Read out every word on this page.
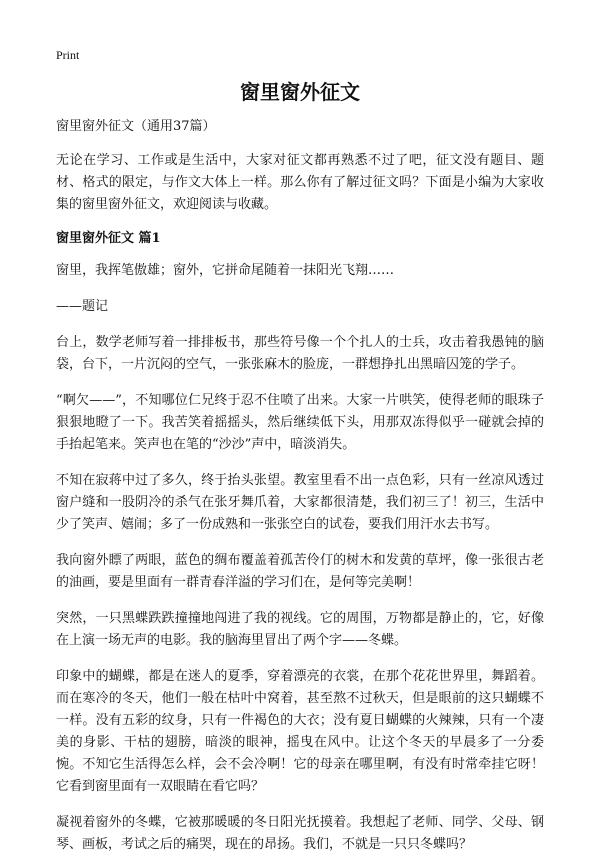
Print
窗里窗外征文
窗里窗外征文（通用37篇）

无论在学习、工作或是生活中，大家对征文都再熟悉不过了吧，征文没有题目、题材、格式的限定，与作文大体上一样。那么你有了解过征文吗？下面是小编为大家收集的窗里窗外征文，欢迎阅读与收藏。

窗里窗外征文 篇1

窗里，我挥笔傲雄；窗外，它拼命尾随着一抹阳光飞翔……

——题记

台上，数学老师写着一排排板书，那些符号像一个个扎人的士兵，攻击着我愚钝的脑袋，台下，一片沉闷的空气，一张张麻木的脸庞，一群想挣扎出黑暗囚笼的学子。

“啊欠——”，不知哪位仁兄终于忍不住喷了出来。大家一片哄笑，使得老师的眼珠子狠狠地瞪了一下。我苦笑着摇摇头，然后继续低下头，用那双冻得似乎一碰就会掉的手抬起笔来。笑声也在笔的“沙沙”声中，暗淡消失。

不知在寂蒋中过了多久，终于抬头张望。教室里看不出一点色彩，只有一丝凉风透过窗户缝和一股阴冷的杀气在张牙舞爪着，大家都很清楚，我们初三了！初三，生活中少了笑声、嬉闹；多了一份成熟和一张张空白的试卷，要我们用汗水去书写。

我向窗外瞟了两眼，蓝色的绸布覆盖着孤苦伶仃的树木和发黄的草坪，像一张很古老的油画，要是里面有一群青春洋溢的学习们在，是何等完美啊！

突然，一只黑蝶跌跌撞撞地闯进了我的视线。它的周围，万物都是静止的，它，好像在上演一场无声的电影。我的脑海里冒出了两个字——冬蝶。

印象中的蝴蝶，都是在迷人的夏季，穿着漂亮的衣裳，在那个花花世界里，舞蹈着。而在寒冷的冬天，他们一般在枯叶中窝着，甚至熬不过秋天，但是眼前的这只蝴蝶不一样。没有五彩的纹身，只有一件褐色的大衣；没有夏日蝴蝶的火辣辣，只有一个凄美的身影、干枯的翅膀，暗淡的眼神，摇曳在风中。让这个冬天的早晨多了一分委惋。不知它生活得怎么样，会不会冷啊！它的母亲在哪里啊，有没有时常牵挂它呀！它看到窗里面有一双眼睛在看它吗？

凝视着窗外的冬蝶，它被那暖暖的冬日阳光抚摸着。我想起了老师、同学、父母、钢琴、画板，考试之后的痛哭，现在的昂扬。我们，不就是一只只冬蝶吗？
